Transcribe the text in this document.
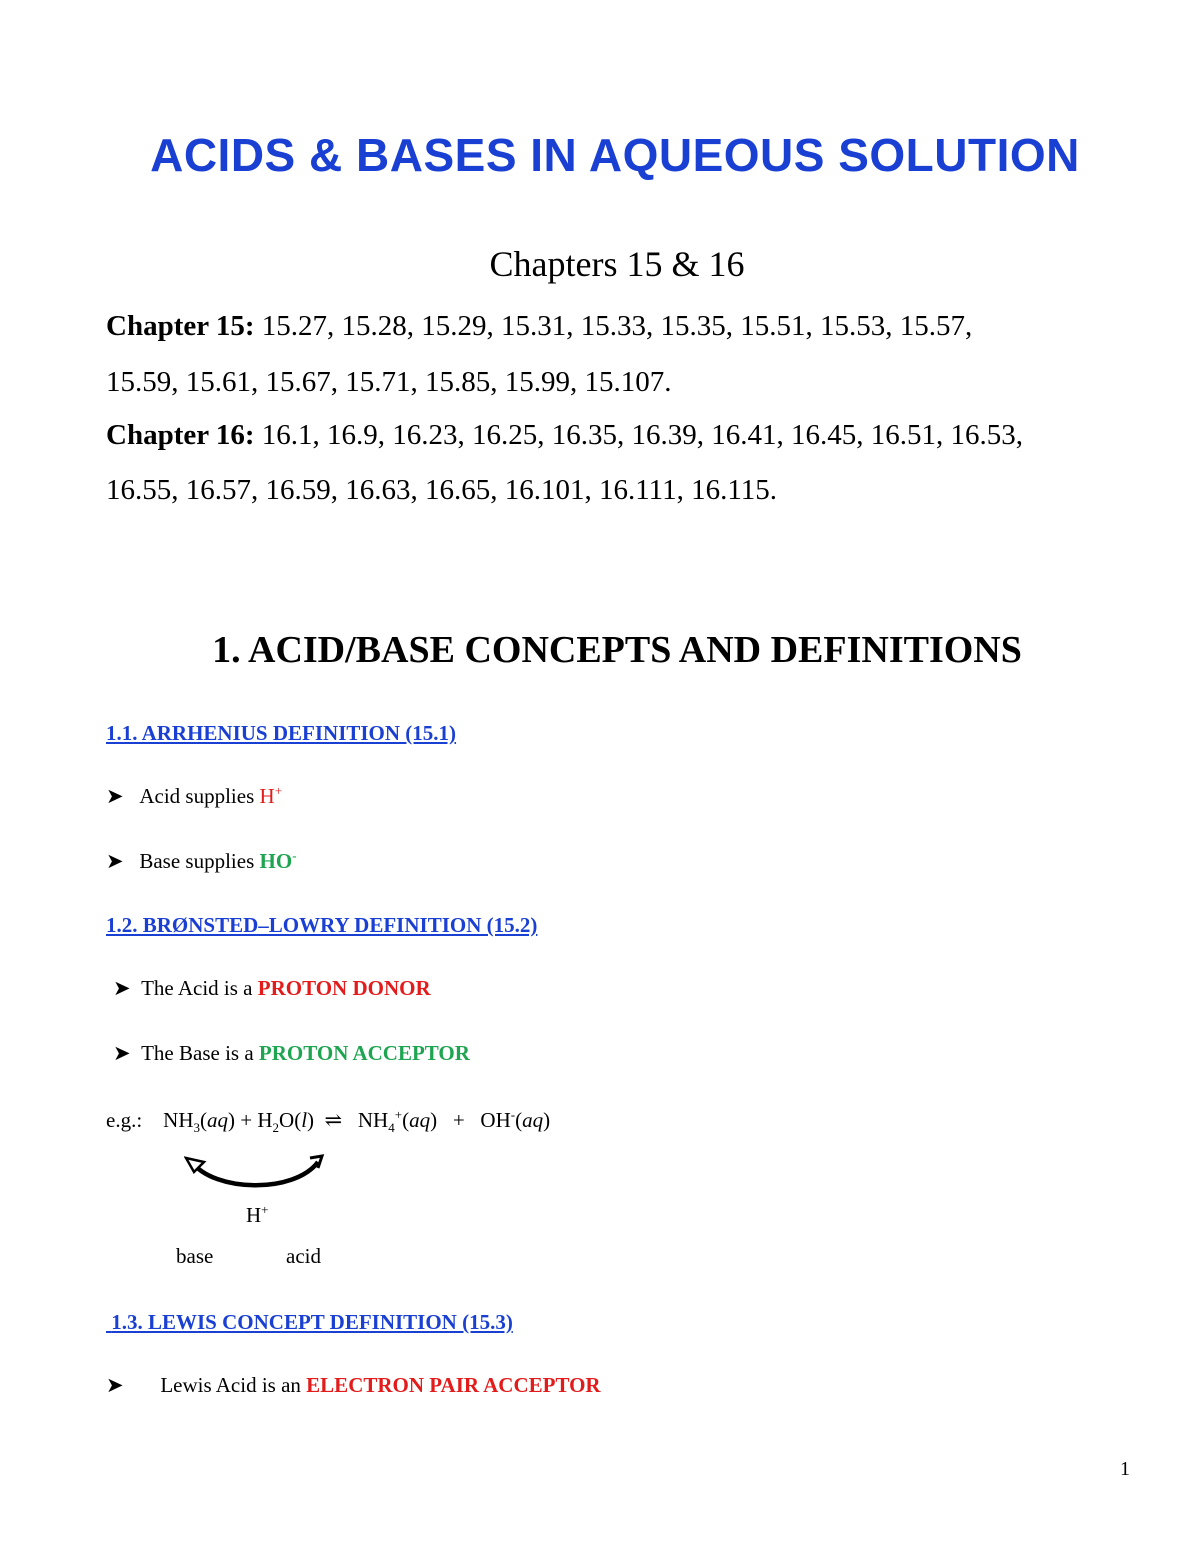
ACIDS & BASES IN AQUEOUS SOLUTION
Chapters 15 & 16
Chapter 15: 15.27, 15.28, 15.29, 15.31, 15.33, 15.35, 15.51, 15.53, 15.57,
15.59, 15.61, 15.67, 15.71, 15.85, 15.99, 15.107.
Chapter 16: 16.1, 16.9, 16.23, 16.25, 16.35, 16.39, 16.41, 16.45, 16.51, 16.53,
16.55, 16.57, 16.59, 16.63, 16.65, 16.101, 16.111, 16.115.
1. ACID/BASE CONCEPTS AND DEFINITIONS
1.1. ARRHENIUS DEFINITION (15.1)
➤ Acid supplies H+
➤ Base supplies HO-
1.2. BRØNSTED–LOWRY DEFINITION (15.2)
➤ The Acid is a PROTON DONOR
➤ The Base is a PROTON ACCEPTOR
e.g.: $NH_3(aq) + H_2O(l)$  ⇌ $NH_4^+(aq) + OH^-(aq)$
H+
base	acid
1.3. LEWIS CONCEPT DEFINITION (15.3)
➤ Lewis Acid is an ELECTRON PAIR ACCEPTOR
1
